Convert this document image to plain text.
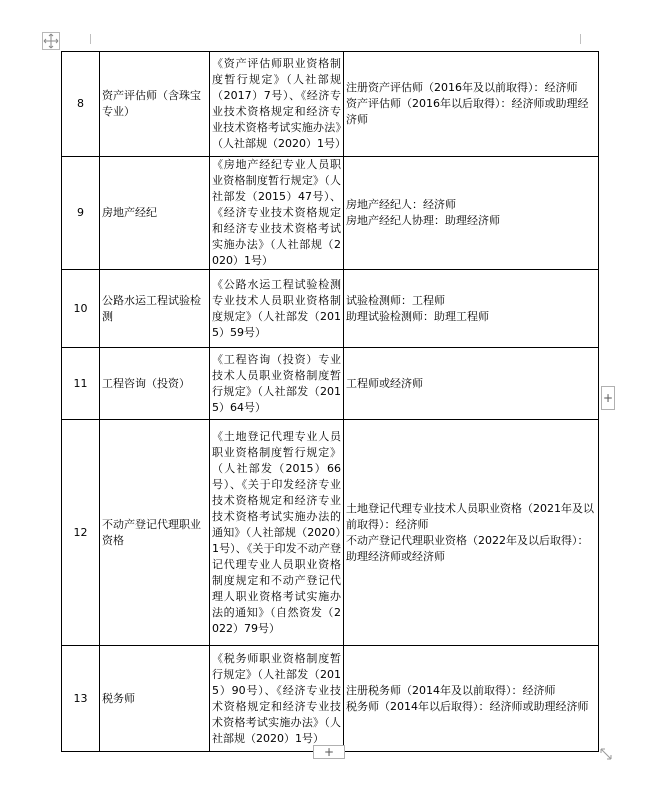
8	资产评估师（含珠宝专业）	《资产评估师职业资格制度暂行规定》（人社部规（2017）7号）、《经济专业技术资格规定和经济专业技术资格考试实施办法》（人社部规（2020）1号）	注册资产评估师（2016年及以前取得）：经济师
资产评估师（2016年以后取得）：经济师或助理经济师

9	房地产经纪	《房地产经纪专业人员职业资格制度暂行规定》（人社部发（2015）47号）、《经济专业技术资格规定和经济专业技术资格考试实施办法》（人社部规（2020）1号）	房地产经纪人：经济师
房地产经纪人协理：助理经济师

10	公路水运工程试验检测	《公路水运工程试验检测专业技术人员职业资格制度规定》（人社部发（2015）59号）	试验检测师：工程师
助理试验检测师：助理工程师

11	工程咨询（投资）	《工程咨询（投资）专业技术人员职业资格制度暂行规定》（人社部发（2015）64号）	工程师或经济师

12	不动产登记代理职业资格	《土地登记代理专业人员职业资格制度暂行规定》（人社部发（2015）66号）、《关于印发经济专业技术资格规定和经济专业技术资格考试实施办法的通知》（人社部规（2020）1号）、《关于印发不动产登记代理专业人员职业资格制度规定和不动产登记代理人职业资格考试实施办法的通知》（自然资发（2022）79号）	土地登记代理专业技术人员职业资格（2021年及以前取得）：经济师
不动产登记代理职业资格（2022年及以后取得）：助理经济师或经济师

13	税务师	《税务师职业资格制度暂行规定》（人社部发（2015）90号）、《经济专业技术资格规定和经济专业技术资格考试实施办法》（人社部规（2020）1号）	注册税务师（2014年及以前取得）：经济师
税务师（2014年以后取得）：经济师或助理经济师
+
+
